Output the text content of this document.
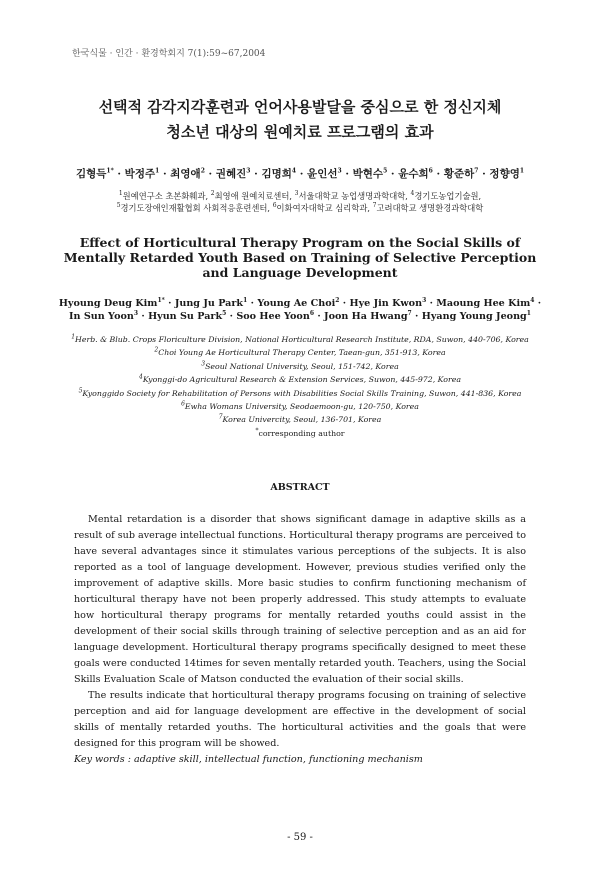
한국식물 · 인간 · 환경학회지 7(1):59~67,2004
선택적 감각지각훈련과 언어사용발달을 중심으로 한 정신지체
청소년 대상의 원예치료 프로그램의 효과
김형득$^{1*}$ · 박정주$^1$ · 최영애$^2$ · 권혜진$^3$ · 김명희$^4$ · 윤인선$^3$ · 박현수$^5$ · 윤수희$^6$ · 황준하$^7$ · 정향영$^1$
$^1$원예연구소 초본화훼과, $^2$최영애 원예치료센터, $^3$서울대학교 농업생명과학대학, $^4$경기도농업기술원,
$^5$경기도장애인재활협회 사회적응훈련센터, $^6$이화여자대학교 심리학과, $^7$고려대학교 생명환경과학대학
Effect of Horticultural Therapy Program on the Social Skills of Mentally Retarded Youth Based on Training of Selective Perception and Language Development
Hyoung Deug Kim$^{1*}$ · Jung Ju Park$^1$ · Young Ae Choi$^2$ · Hye Jin Kwon$^3$ · Maoung Hee Kim$^4$ ·
In Sun Yoon$^3$ · Hyun Su Park$^5$ · Soo Hee Yoon$^6$ · Joon Ha Hwang$^7$ · Hyang Young Jeong$^1$
$^1$Herb. & Blub. Crops Floriculture Division, National Horticultural Research Institute, RDA, Suwon, 440-706, Korea
$^2$Choi Young Ae Horticultural Therapy Center, Taean-gun, 351-913, Korea
$^3$Seoul National University, Seoul, 151-742, Korea
$^4$Kyonggi-do Agricultural Research & Extension Services, Suwon, 445-972, Korea
$^5$Kyonggido Society for Rehabilitation of Persons with Disabilities Social Skills Training, Suwon, 441-836, Korea
$^6$Ewha Womans University, Seodaemoon-gu, 120-750, Korea
$^7$Korea Univercity, Seoul, 136-701, Korea
*corresponding author
ABSTRACT

Mental retardation is a disorder that shows significant damage in adaptive skills as a result of sub average intellectual functions. Horticultural therapy programs are perceived to have several advantages since it stimulates various perceptions of the subjects. It is also reported as a tool of language development. However, previous studies verified only the improvement of adaptive skills. More basic studies to confirm functioning mechanism of horticultural therapy have not been properly addressed. This study attempts to evaluate how horticultural therapy programs for mentally retarded youths could assist in the development of their social skills through training of selective perception and as an aid for language development. Horticultural therapy programs specifically designed to meet these goals were conducted 14times for seven mentally retarded youth. Teachers, using the Social Skills Evaluation Scale of Matson conducted the evaluation of their social skills.

The results indicate that horticultural therapy programs focusing on training of selective perception and aid for language development are effective in the development of social skills of mentally retarded youths. The horticultural activities and the goals that were designed for this program will be showed.

Key words : adaptive skill, intellectual function, functioning mechanism
- 59 -
